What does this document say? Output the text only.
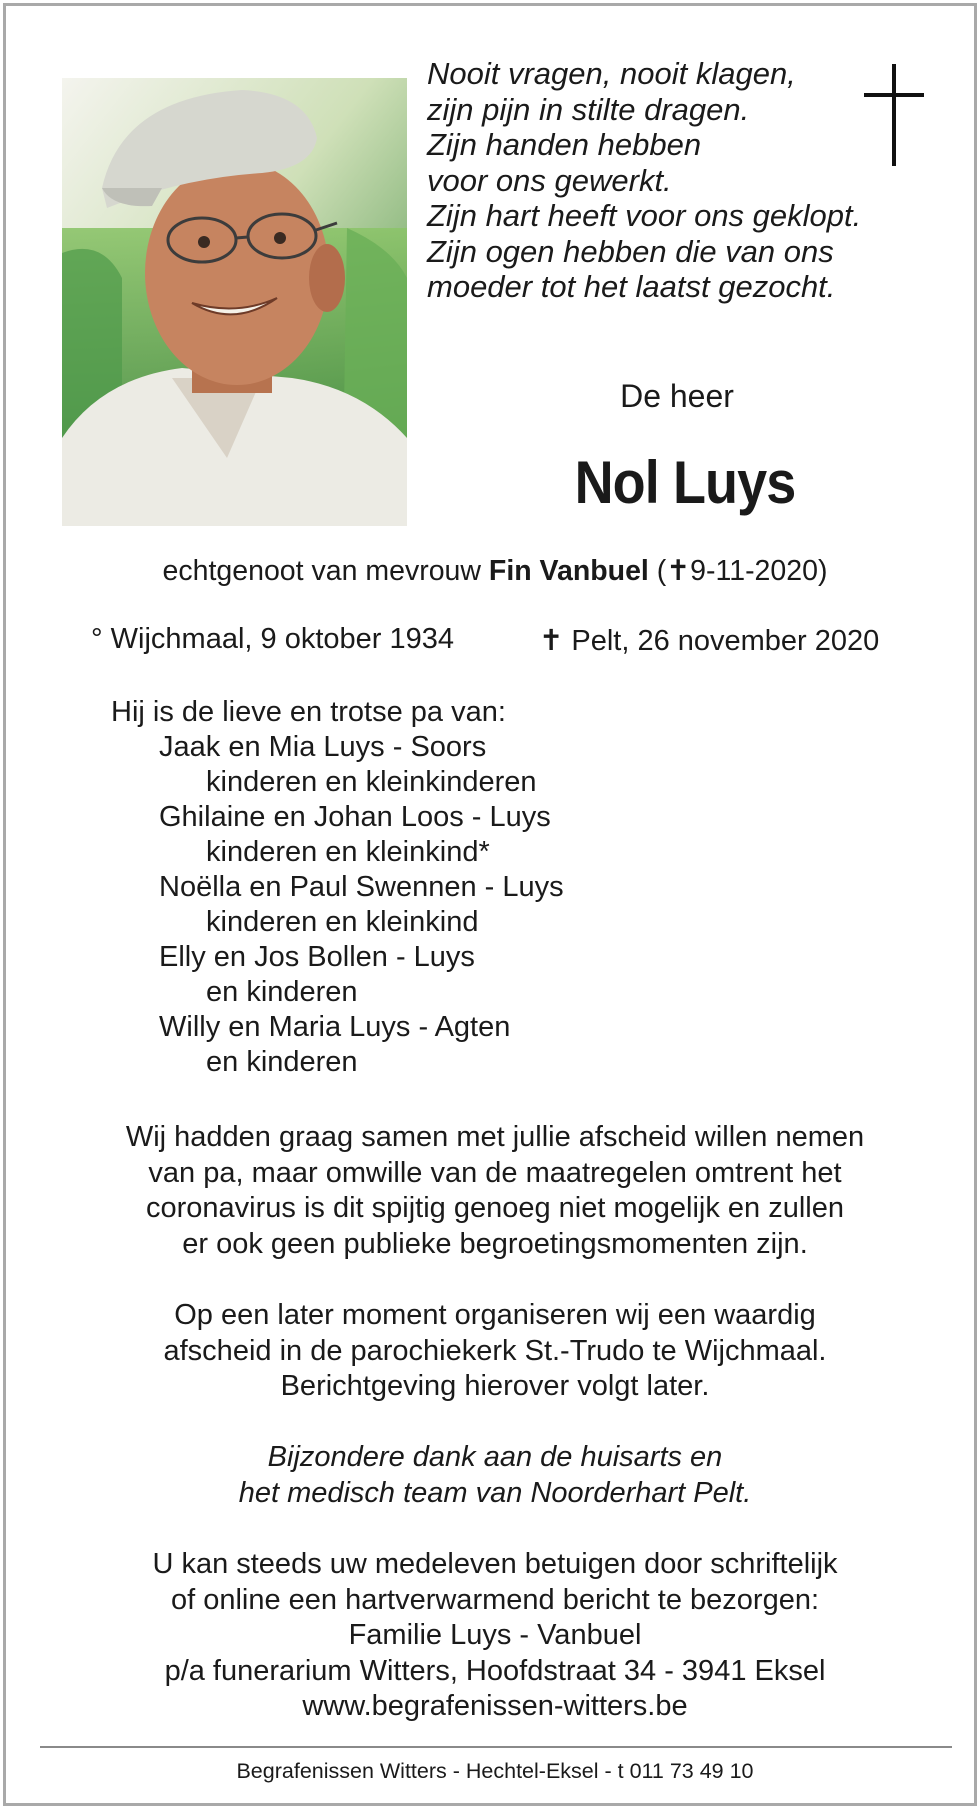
Nooit vragen, nooit klagen,
zijn pijn in stilte dragen.
Zijn handen hebben
voor ons gewerkt.
Zijn hart heeft voor ons geklopt.
Zijn ogen hebben die van ons
moeder tot het laatst gezocht.
De heer
Nol Luys
echtgenoot van mevrouw Fin Vanbuel (✝9-11-2020)
° Wijchmaal, 9 oktober 1934	✝ Pelt, 26 november 2020
Hij is de lieve en trotse pa van:
Jaak en Mia Luys - Soors
kinderen en kleinkinderen
Ghilaine en Johan Loos - Luys
kinderen en kleinkind*
Noëlla en Paul Swennen - Luys
kinderen en kleinkind
Elly en Jos Bollen - Luys
en kinderen
Willy en Maria Luys - Agten
en kinderen
Wij hadden graag samen met jullie afscheid willen nemen
van pa, maar omwille van de maatregelen omtrent het
coronavirus is dit spijtig genoeg niet mogelijk en zullen
er ook geen publieke begroetingsmomenten zijn.
Op een later moment organiseren wij een waardig
afscheid in de parochiekerk St.-Trudo te Wijchmaal.
Berichtgeving hierover volgt later.
Bijzondere dank aan de huisarts en
het medisch team van Noorderhart Pelt.
U kan steeds uw medeleven betuigen door schriftelijk
of online een hartverwarmend bericht te bezorgen:
Familie Luys - Vanbuel
p/a funerarium Witters, Hoofdstraat 34 - 3941 Eksel
www.begrafenissen-witters.be
Begrafenissen Witters - Hechtel-Eksel - t 011 73 49 10
